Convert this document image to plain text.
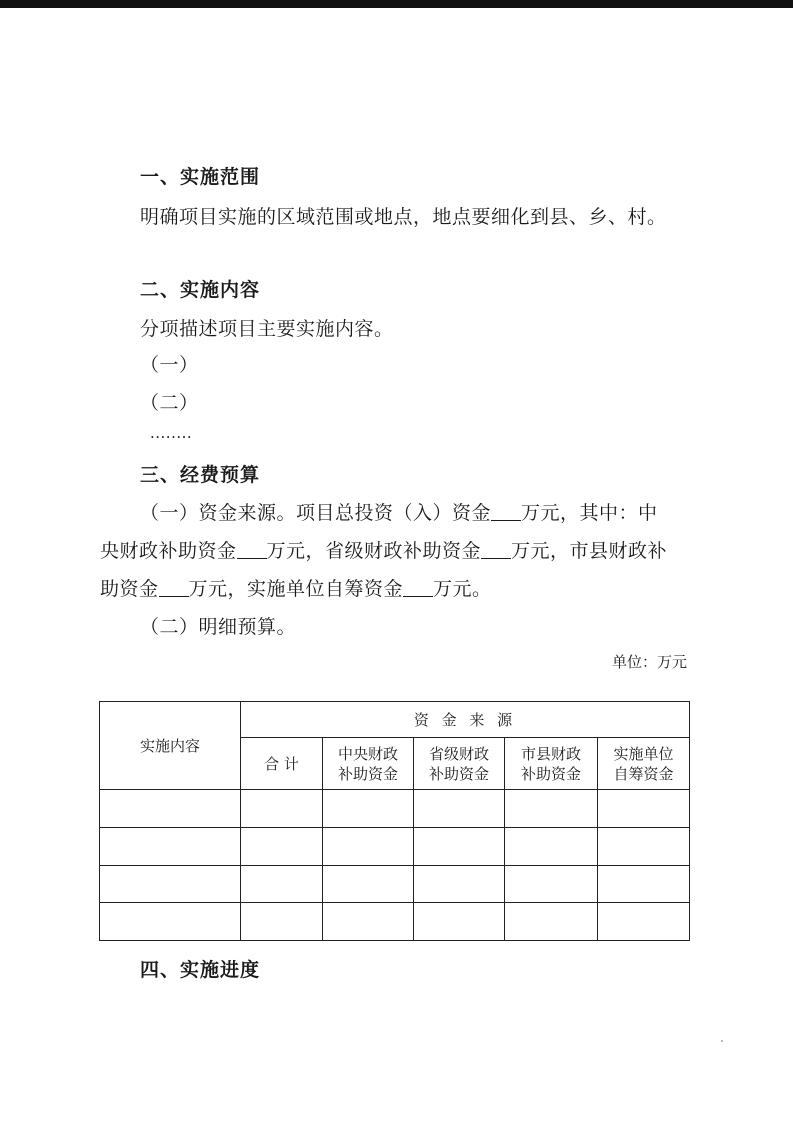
一、实施范围
明确项目实施的区域范围或地点，地点要细化到县、乡、村。
二、实施内容
分项描述项目主要实施内容。
（一）
（二）
........
三、经费预算
（一）资金来源。项目总投资（入）资金 万元，其中：中
央财政补助资金 万元，省级财政补助资金 万元，市县财政补
助资金 万元，实施单位自筹资金 万元。
（二）明细预算。
单位：万元
实施内容	资 金 来 源				
	合 计	中央财政补助资金	省级财政补助资金	市县财政补助资金	实施单位自筹资金

四、实施进度
